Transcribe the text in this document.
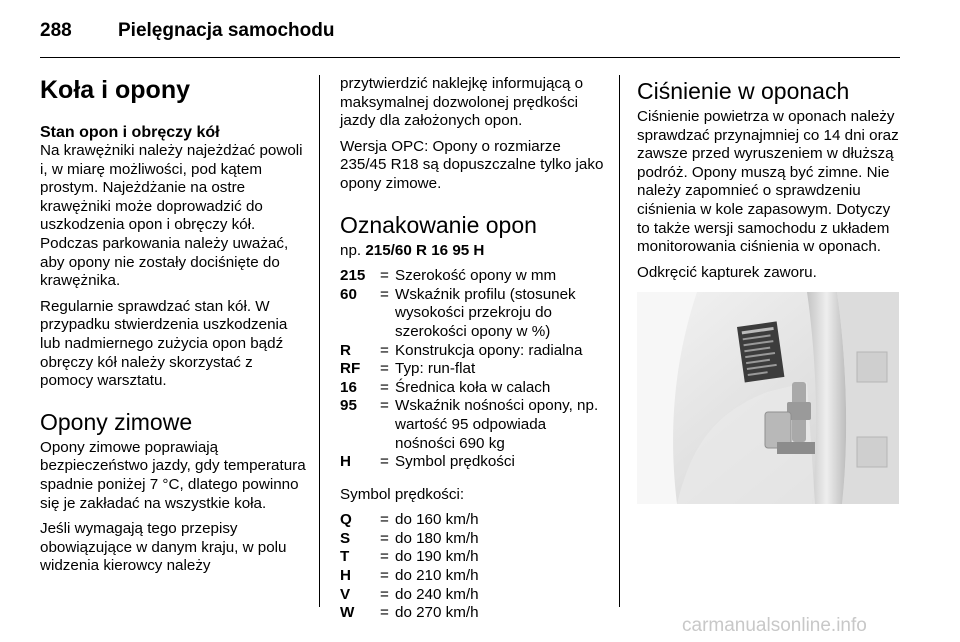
288 Pielęgnacja samochodu
Koła i opony
Stan opon i obręczy kół

Na krawężniki należy najeżdżać powoli i, w miarę możliwości, pod kątem prostym. Najeżdżanie na ostre krawężniki może doprowadzić do uszkodzenia opon i obręczy kół. Podczas parkowania należy uważać, aby opony nie zostały dociśnięte do krawężnika.

Regularnie sprawdzać stan kół. W przypadku stwierdzenia uszkodzenia lub nadmiernego zużycia opon bądź obręczy kół należy skorzystać z pomocy warsztatu.

Opony zimowe

Opony zimowe poprawiają bezpieczeństwo jazdy, gdy temperatura spadnie poniżej 7 °C, dlatego powinno się je zakładać na wszystkie koła.

Jeśli wymagają tego przepisy obowiązujące w danym kraju, w polu widzenia kierowcy należy

przytwierdzić naklejkę informującą o maksymalnej dozwolonej prędkości jazdy dla założonych opon.

Wersja OPC: Opony o rozmiarze 235/45 R18 są dopuszczalne tylko jako opony zimowe.

Oznakowanie opon

np. 215/60 R 16 95 H

215 = Szerokość opony w mm
60	= Wskaźnik profilu (stosunek wysokości przekroju do szerokości opony w %)
R	= Konstrukcja opony: radialna
RF	= Typ: run-flat
16	= Średnica koła w calach
95	= Wskaźnik nośności opony, np. wartość 95 odpowiada nośności 690 kg
H	= Symbol prędkości

Symbol prędkości:

Q	= do 160 km/h
S	= do 180 km/h
T	= do 190 km/h
H	= do 210 km/h
V	= do 240 km/h
W	= do 270 km/h
Ciśnienie w oponach

Ciśnienie powietrza w oponach należy sprawdzać przynajmniej co 14 dni oraz zawsze przed wyruszeniem w dłuższą podróż. Opony muszą być zimne. Nie należy zapomnieć o sprawdzeniu ciśnienia w kole zapasowym. Dotyczy to także wersji samochodu z układem monitorowania ciśnienia w oponach.

Odkręcić kapturek zaworu.

carmanualsonline.info
